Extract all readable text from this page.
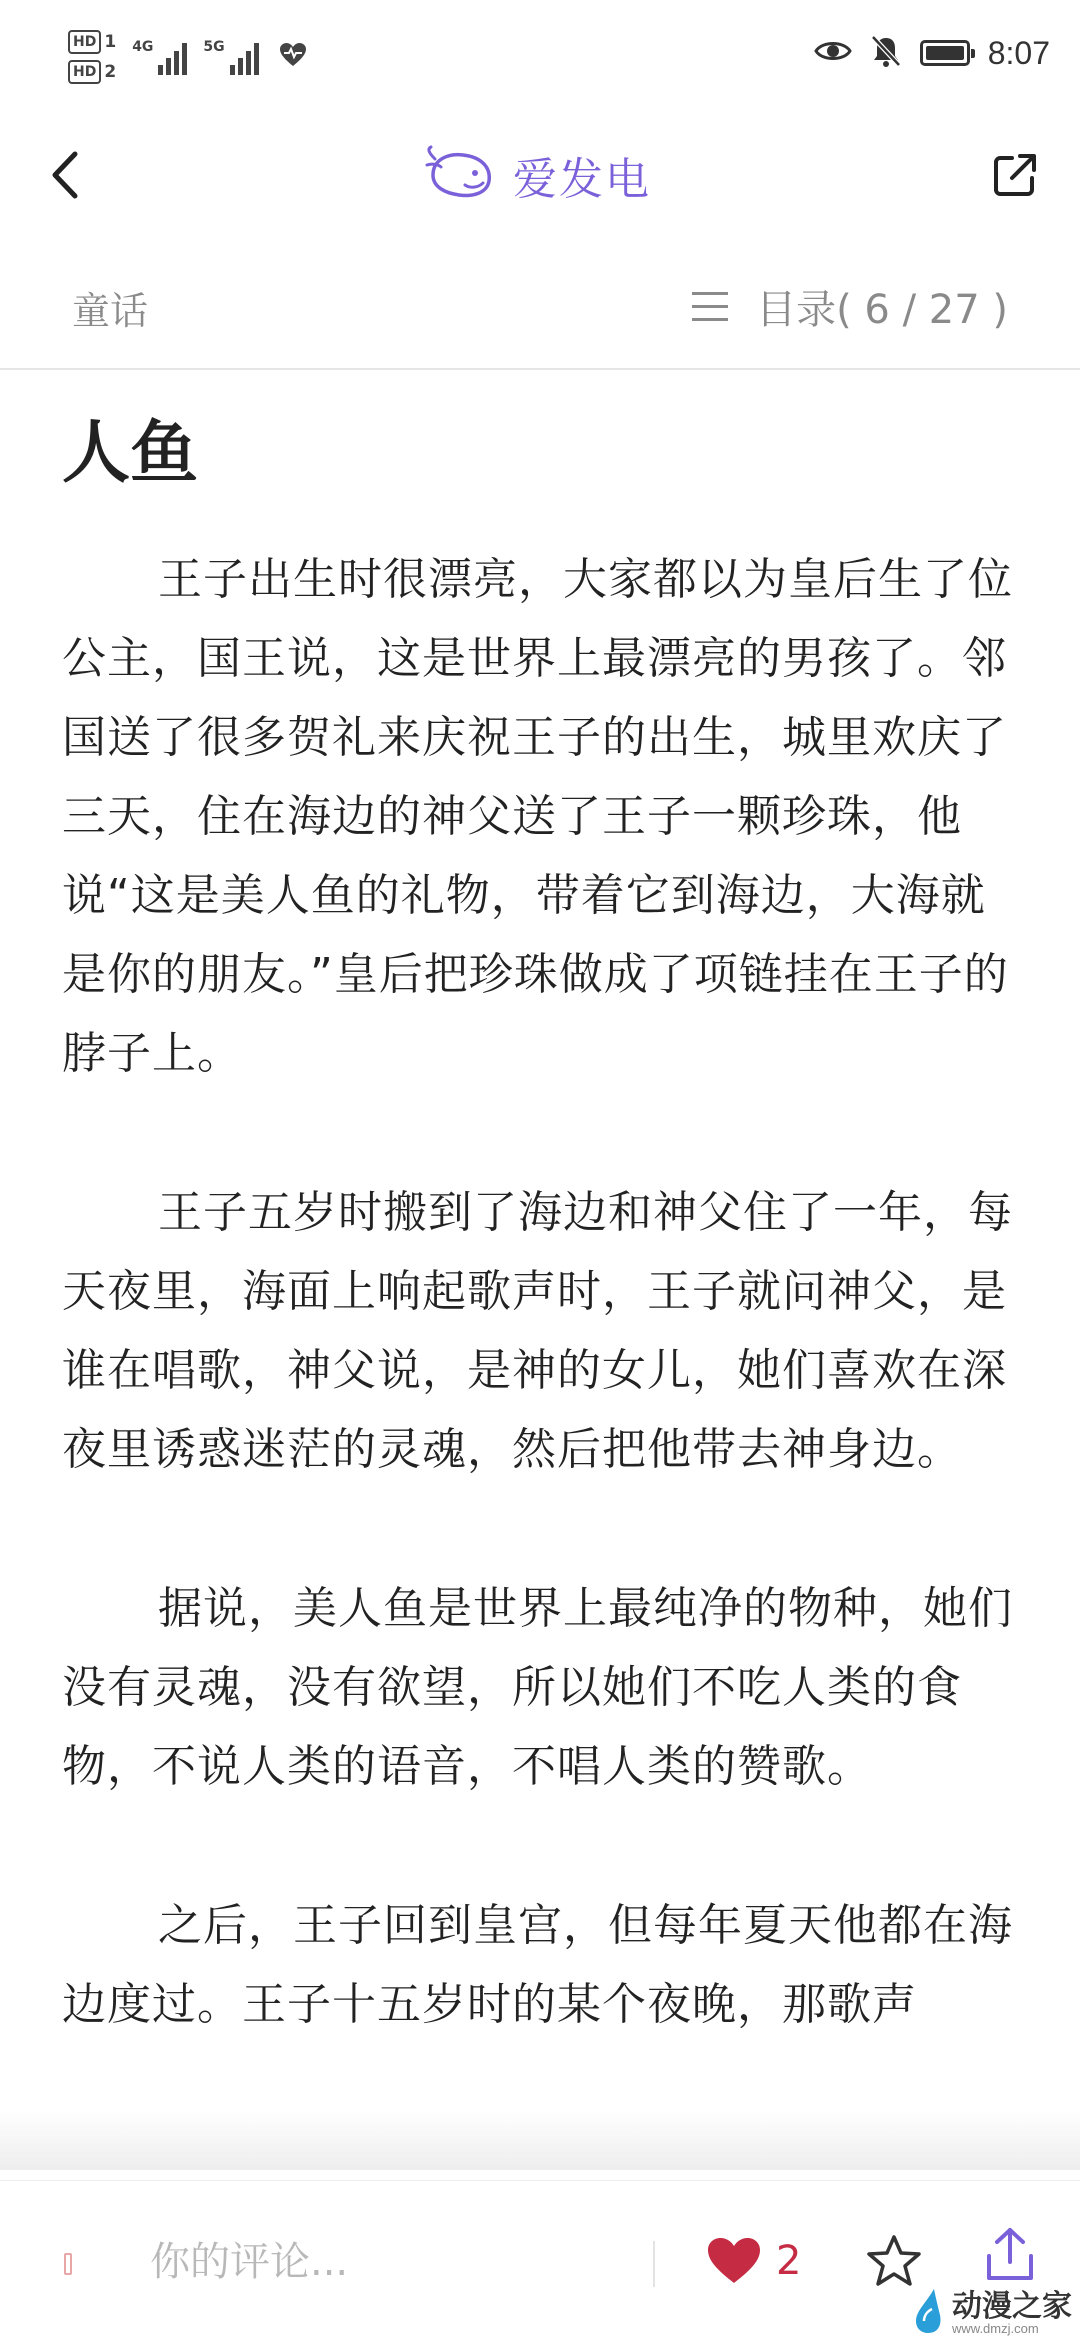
HD 1
HD 2
4G	5G	8:07
爱发电
童话	目录( 6 / 27 )
人鱼

王子出生时很漂亮，大家都以为皇后生了位公主，国王说，这是世界上最漂亮的男孩了。邻国送了很多贺礼来庆祝王子的出生，城里欢庆了三天，住在海边的神父送了王子一颗珍珠，他说“这是美人鱼的礼物，带着它到海边，大海就是你的朋友。”皇后把珍珠做成了项链挂在王子的脖子上。

王子五岁时搬到了海边和神父住了一年，每天夜里，海面上响起歌声时，王子就问神父，是谁在唱歌，神父说，是神的女儿，她们喜欢在深夜里诱惑迷茫的灵魂，然后把他带去神身边。

据说，美人鱼是世界上最纯净的物种，她们没有灵魂，没有欲望，所以她们不吃人类的食物，不说人类的语音，不唱人类的赞歌。

之后，王子回到皇宫，但每年夏天他都在海边度过。王子十五岁时的某个夜晚，那歌声

你的评论...
2
动漫之家
www.dmzj.com
